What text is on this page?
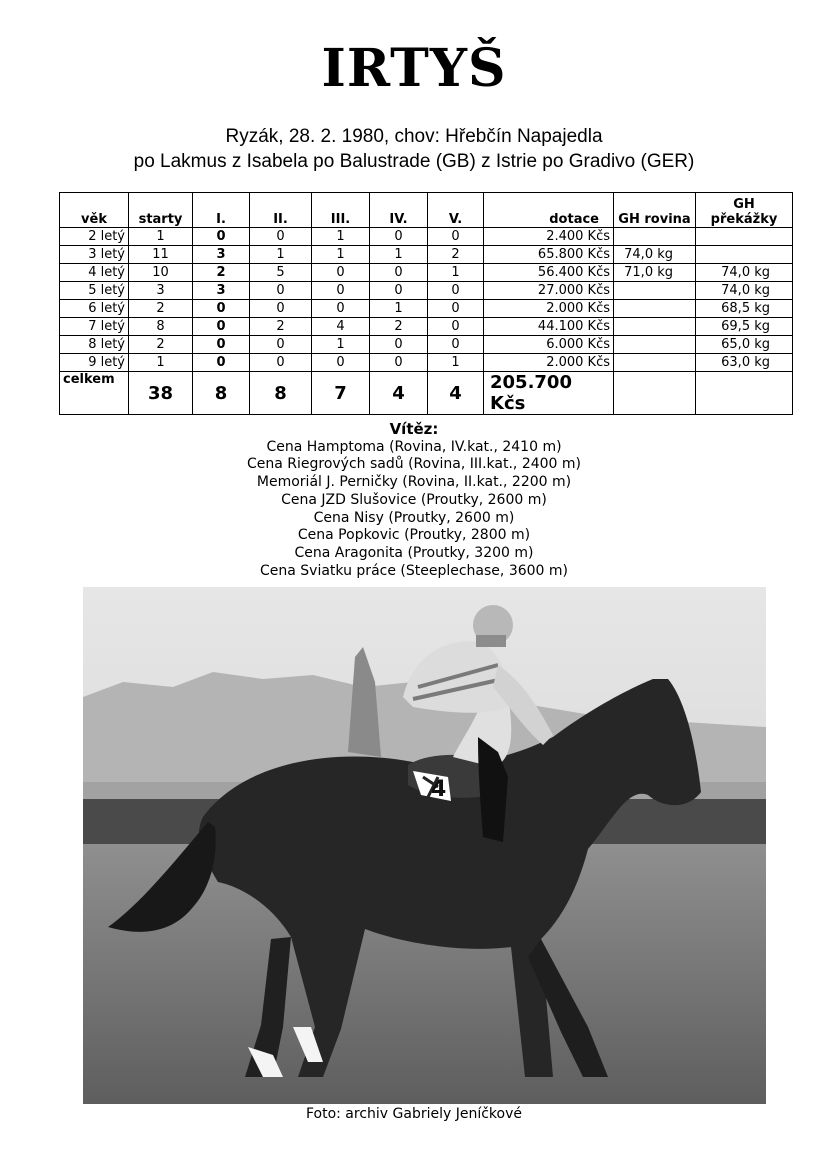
IRTYŠ
Ryzák, 28. 2. 1980, chov: Hřebčín Napajedla
po Lakmus z Isabela po Balustrade (GB) z Istrie po Gradivo (GER)
věk	starty	I.	II.	III.	IV.	V.	dotace	GH rovina	GH překážky
2 letý	1	0	0	1	0	0	2.400 Kčs		
3 letý	11	3	1	1	1	2	65.800 Kčs	74,0 kg	
4 letý	10	2	5	0	0	1	56.400 Kčs	71,0 kg	74,0 kg
5 letý	3	3	0	0	0	0	27.000 Kčs		74,0 kg
6 letý	2	0	0	0	1	0	2.000 Kčs		68,5 kg
7 letý	8	0	2	4	2	0	44.100 Kčs		69,5 kg
8 letý	2	0	0	1	0	0	6.000 Kčs		65,0 kg
9 letý	1	0	0	0	0	1	2.000 Kčs		63,0 kg
celkem	38	8	8	7	4	4	205.700 Kčs		
Vítěz:
Cena Hamptoma (Rovina, IV.kat., 2410 m)
Cena Riegrových sadů (Rovina, III.kat., 2400 m)
Memoriál J. Perničky (Rovina, II.kat., 2200 m)
Cena JZD Slušovice (Proutky, 2600 m)
Cena Nisy (Proutky, 2600 m)
Cena Popkovic (Proutky, 2800 m)
Cena Aragonita (Proutky, 3200 m)
Cena Sviatku práce (Steeplechase, 3600 m)
4
Foto: archiv Gabriely Jeníčkové
